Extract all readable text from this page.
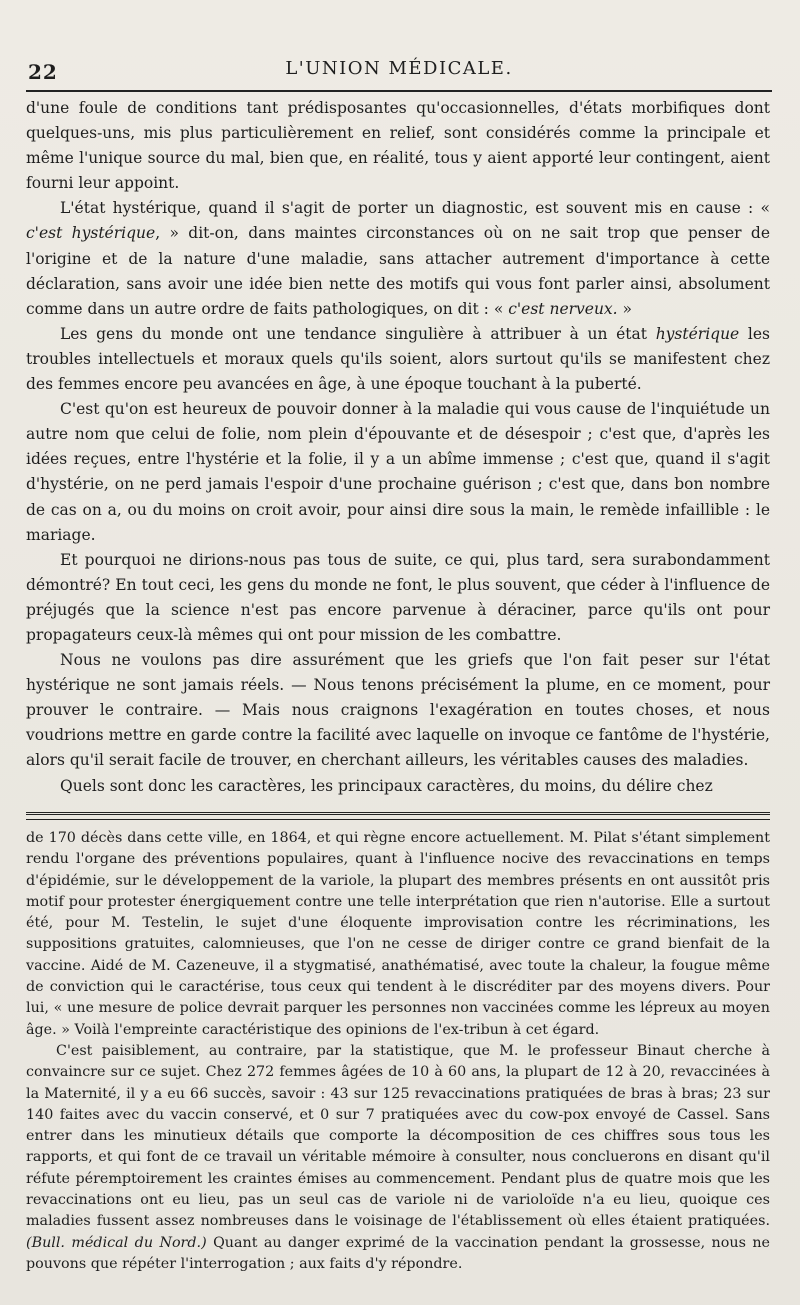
22	L'UNION MÉDICALE.

d'une foule de conditions tant prédisposantes qu'occasionnelles, d'états morbifiques dont quelques-uns, mis plus particulièrement en relief, sont considérés comme la principale et même l'unique source du mal, bien que, en réalité, tous y aient apporté leur contingent, aient fourni leur appoint.

L'état hystérique, quand il s'agit de porter un diagnostic, est souvent mis en cause : « c'est hystérique, » dit-on, dans maintes circonstances où on ne sait trop que penser de l'origine et de la nature d'une maladie, sans attacher autrement d'importance à cette déclaration, sans avoir une idée bien nette des motifs qui vous font parler ainsi, absolument comme dans un autre ordre de faits pathologiques, on dit : « c'est nerveux. »

Les gens du monde ont une tendance singulière à attribuer à un état hystérique les troubles intellectuels et moraux quels qu'ils soient, alors surtout qu'ils se manifestent chez des femmes encore peu avancées en âge, à une époque touchant à la puberté.

C'est qu'on est heureux de pouvoir donner à la maladie qui vous cause de l'inquiétude un autre nom que celui de folie, nom plein d'épouvante et de désespoir ; c'est que, d'après les idées reçues, entre l'hystérie et la folie, il y a un abîme immense ; c'est que, quand il s'agit d'hystérie, on ne perd jamais l'espoir d'une prochaine guérison ; c'est que, dans bon nombre de cas on a, ou du moins on croit avoir, pour ainsi dire sous la main, le remède infaillible : le mariage.

Et pourquoi ne dirions-nous pas tous de suite, ce qui, plus tard, sera surabondamment démontré? En tout ceci, les gens du monde ne font, le plus souvent, que céder à l'influence de préjugés que la science n'est pas encore parvenue à déraciner, parce qu'ils ont pour propagateurs ceux-là mêmes qui ont pour mission de les combattre.

Nous ne voulons pas dire assurément que les griefs que l'on fait peser sur l'état hystérique ne sont jamais réels. — Nous tenons précisément la plume, en ce moment, pour prouver le contraire. — Mais nous craignons l'exagération en toutes choses, et nous voudrions mettre en garde contre la facilité avec laquelle on invoque ce fantôme de l'hystérie, alors qu'il serait facile de trouver, en cherchant ailleurs, les véritables causes des maladies.

Quels sont donc les caractères, les principaux caractères, du moins, du délire chez

de 170 décès dans cette ville, en 1864, et qui règne encore actuellement. M. Pilat s'étant simplement rendu l'organe des préventions populaires, quant à l'influence nocive des revaccinations en temps d'épidémie, sur le développement de la variole, la plupart des membres présents en ont aussitôt pris motif pour protester énergiquement contre une telle interprétation que rien n'autorise. Elle a surtout été, pour M. Testelin, le sujet d'une éloquente improvisation contre les récriminations, les suppositions gratuites, calomnieuses, que l'on ne cesse de diriger contre ce grand bienfait de la vaccine. Aidé de M. Cazeneuve, il a stygmatisé, anathématisé, avec toute la chaleur, la fougue même de conviction qui le caractérise, tous ceux qui tendent à le discréditer par des moyens divers. Pour lui, « une mesure de police devrait parquer les personnes non vaccinées comme les lépreux au moyen âge. » Voilà l'empreinte caractéristique des opinions de l'ex-tribun à cet égard.

C'est paisiblement, au contraire, par la statistique, que M. le professeur Binaut cherche à convaincre sur ce sujet. Chez 272 femmes âgées de 10 à 60 ans, la plupart de 12 à 20, revaccinées à la Maternité, il y a eu 66 succès, savoir : 43 sur 125 revaccinations pratiquées de bras à bras; 23 sur 140 faites avec du vaccin conservé, et 0 sur 7 pratiquées avec du cow-pox envoyé de Cassel. Sans entrer dans les minutieux détails que comporte la décomposition de ces chiffres sous tous les rapports, et qui font de ce travail un véritable mémoire à consulter, nous concluerons en disant qu'il réfute péremptoirement les craintes émises au commencement. Pendant plus de quatre mois que les revaccinations ont eu lieu, pas un seul cas de variole ni de varioloïde n'a eu lieu, quoique ces maladies fussent assez nombreuses dans le voisinage de l'établissement où elles étaient pratiquées. (Bull. médical du Nord.) Quant au danger exprimé de la vaccination pendant la grossesse, nous ne pouvons que répéter l'interrogation ; aux faits d'y répondre.
